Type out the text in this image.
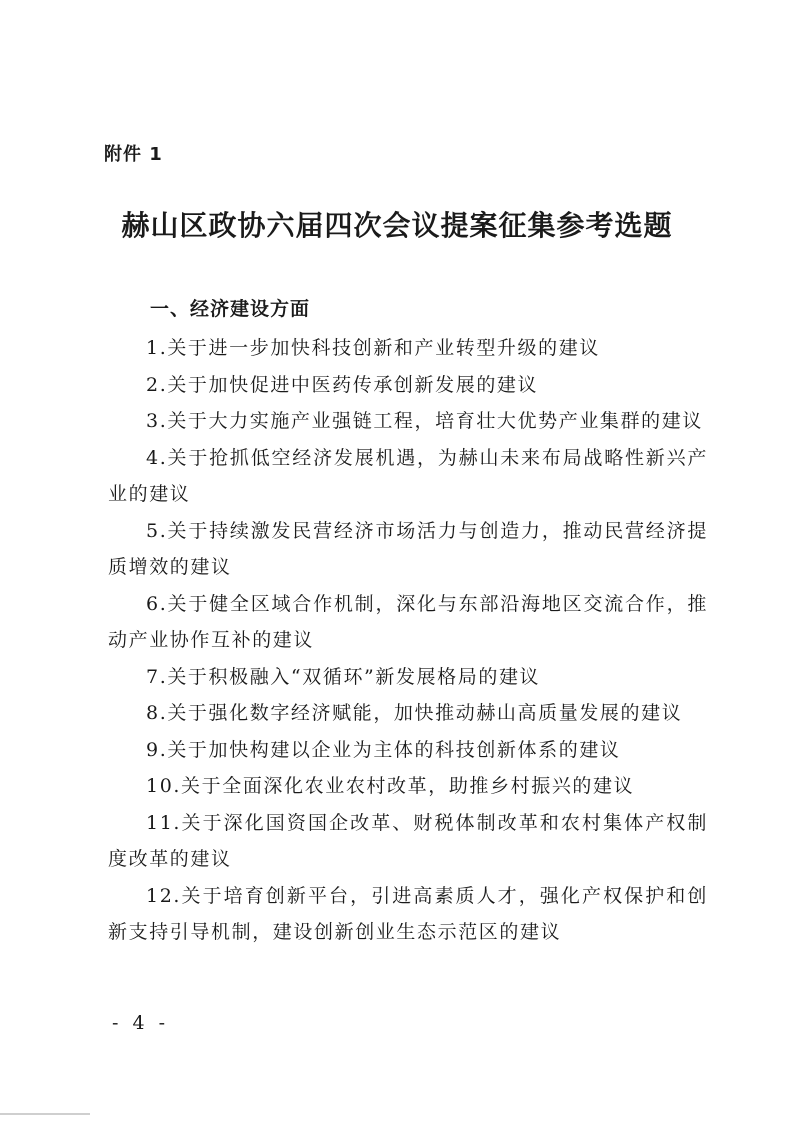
附件 1
赫山区政协六届四次会议提案征集参考选题
一、经济建设方面

1.关于进一步加快科技创新和产业转型升级的建议

2.关于加快促进中医药传承创新发展的建议

3.关于大力实施产业强链工程，培育壮大优势产业集群的建议

4.关于抢抓低空经济发展机遇，为赫山未来布局战略性新兴产业的建议

5.关于持续激发民营经济市场活力与创造力，推动民营经济提质增效的建议

6.关于健全区域合作机制，深化与东部沿海地区交流合作，推动产业协作互补的建议

7.关于积极融入“双循环”新发展格局的建议

8.关于强化数字经济赋能，加快推动赫山高质量发展的建议

9.关于加快构建以企业为主体的科技创新体系的建议

10.关于全面深化农业农村改革，助推乡村振兴的建议

11.关于深化国资国企改革、财税体制改革和农村集体产权制度改革的建议

12.关于培育创新平台，引进高素质人才，强化产权保护和创新支持引导机制，建设创新创业生态示范区的建议

- 4 -
